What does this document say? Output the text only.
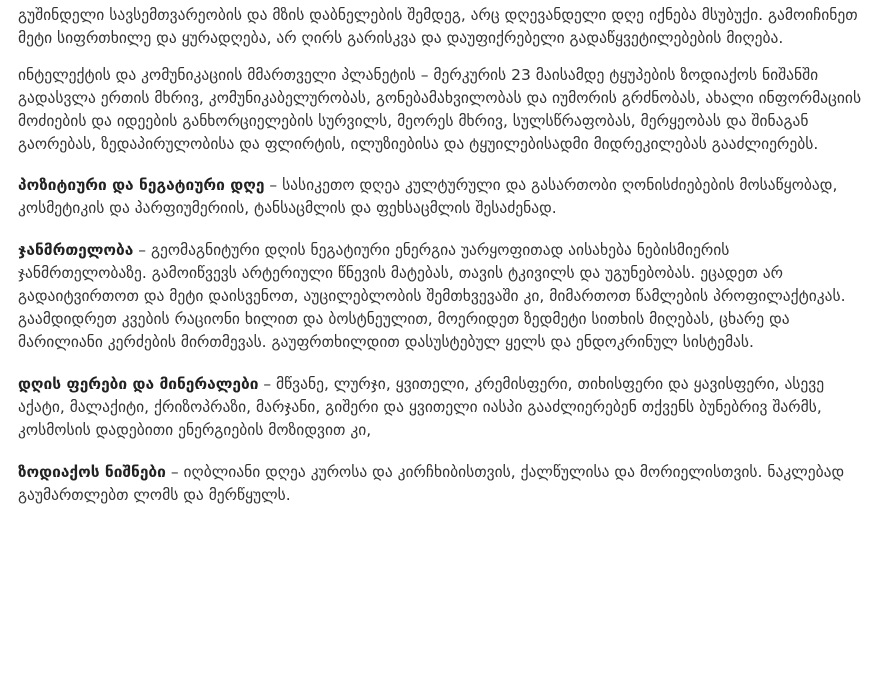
გუშინდელი სავსემთვარეობის და მზის დაბნელების შემდეგ, არც დღევანდელი დღე იქნება მსუბუქი. გამოიჩინეთ მეტი სიფრთხილე და ყურადღება, არ ღირს გარისკვა და დაუფიქრებელი გადაწყვეტილებების მიღება.

ინტელექტის და კომუნიკაციის მმართველი პლანეტის – მერკურის 23 მაისამდე ტყუპების ზოდიაქოს ნიშანში გადასვლა ერთის მხრივ, კომუნიკაბელურობას, გონებამახვილობას და იუმორის გრძნობას, ახალი ინფორმაციის მოძიების და იდეების განხორციელების სურვილს, მეორეს მხრივ, სულსწრაფობას, მერყეობას და შინაგან გაორებას, ზედაპირულობისა და ფლირტის, ილუზიებისა და ტყუილებისადმი მიდრეკილებას გააძლიერებს.

პოზიტიური და ნეგატიური დღე – სასიკეთო დღეა კულტურული და გასართობი ღონისძიებების მოსაწყობად, კოსმეტიკის და პარფიუმერიის, ტანსაცმლის და ფეხსაცმლის შესაძენად.

ჯანმრთელობა – გეომაგნიტური დღის ნეგატიური ენერგია უარყოფითად აისახება ნებისმიერის ჯანმრთელობაზე. გამოიწვევს არტერიული წნევის მატებას, თავის ტკივილს და უგუნებობას. ეცადეთ არ გადაიტვირთოთ და მეტი დაისვენოთ, აუცილებლობის შემთხვევაში კი, მიმართოთ წამლების პროფილაქტიკას. გაამდიდრეთ კვების რაციონი ხილით და ბოსტნეულით, მოერიდეთ ზედმეტი სითხის მიღებას, ცხარე და მარილიანი კერძების მირთმევას. გაუფრთხილდით დასუსტებულ ყელს და ენდოკრინულ სისტემას.

დღის ფერები და მინერალები – მწვანე, ლურჯი, ყვითელი, კრემისფერი, თიხისფერი და ყავისფერი, ასევე აქატი, მალაქიტი, ქრიზოპრაზი, მარჯანი, გიშერი და ყვითელი იასპი გააძლიერებენ თქვენს ბუნებრივ შარმს, კოსმოსის დადებითი ენერგიების მოზიდვით კი,

ზოდიაქოს ნიშნები – იღბლიანი დღეა კუროსა და კირჩხიბისთვის, ქალწულისა და მორიელისთვის. ნაკლებად გაუმართლებთ ლომს და მერწყულს.
